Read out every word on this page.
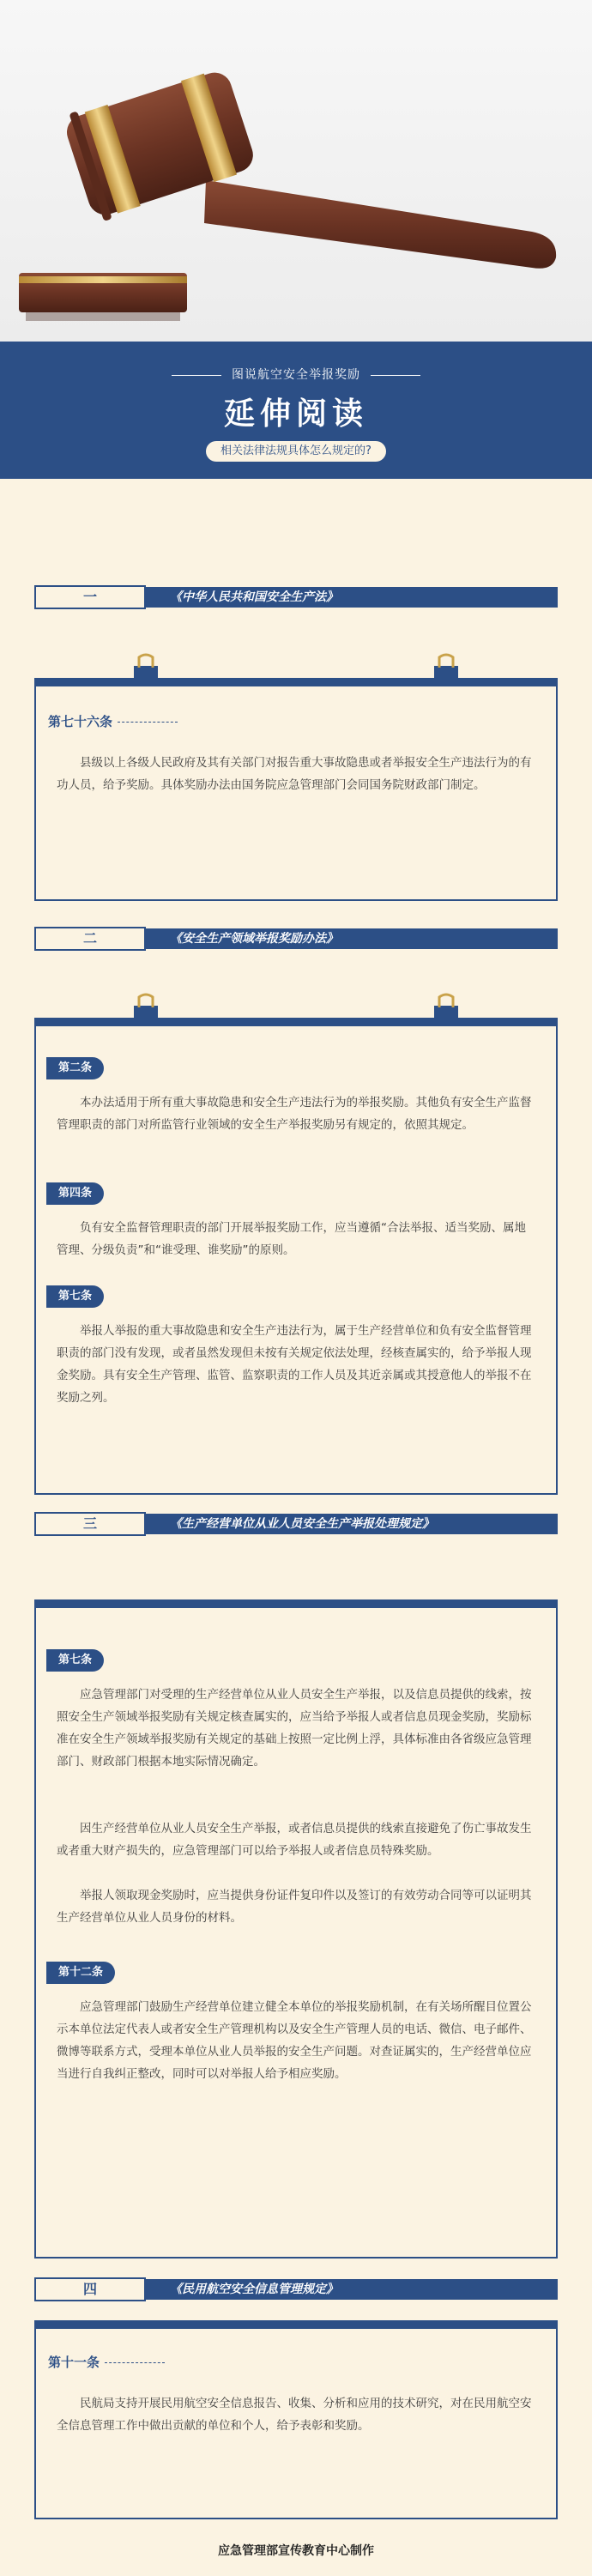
图说航空安全举报奖励
延伸阅读
相关法律法规具体怎么规定的?
一	《中华人民共和国安全生产法》
第七十六条

县级以上各级人民政府及其有关部门对报告重大事故隐患或者举报安全生产违法行为的有功人员，给予奖励。具体奖励办法由国务院应急管理部门会同国务院财政部门制定。

二	《安全生产领域举报奖励办法》
第二条

本办法适用于所有重大事故隐患和安全生产违法行为的举报奖励。其他负有安全生产监督管理职责的部门对所监管行业领域的安全生产举报奖励另有规定的，依照其规定。

第四条

负有安全监督管理职责的部门开展举报奖励工作，应当遵循“合法举报、适当奖励、属地管理、分级负责”和“谁受理、谁奖励”的原则。

第七条

举报人举报的重大事故隐患和安全生产违法行为，属于生产经营单位和负有安全监督管理职责的部门没有发现，或者虽然发现但未按有关规定依法处理，经核查属实的，给予举报人现金奖励。具有安全生产管理、监管、监察职责的工作人员及其近亲属或其授意他人的举报不在奖励之列。

三	《生产经营单位从业人员安全生产举报处理规定》
第七条

应急管理部门对受理的生产经营单位从业人员安全生产举报，以及信息员提供的线索，按照安全生产领域举报奖励有关规定核查属实的，应当给予举报人或者信息员现金奖励，奖励标准在安全生产领域举报奖励有关规定的基础上按照一定比例上浮，具体标准由各省级应急管理部门、财政部门根据本地实际情况确定。

因生产经营单位从业人员安全生产举报，或者信息员提供的线索直接避免了伤亡事故发生或者重大财产损失的，应急管理部门可以给予举报人或者信息员特殊奖励。

举报人领取现金奖励时，应当提供身份证件复印件以及签订的有效劳动合同等可以证明其生产经营单位从业人员身份的材料。

第十二条

应急管理部门鼓励生产经营单位建立健全本单位的举报奖励机制，在有关场所醒目位置公示本单位法定代表人或者安全生产管理机构以及安全生产管理人员的电话、微信、电子邮件、微博等联系方式，受理本单位从业人员举报的安全生产问题。对查证属实的，生产经营单位应当进行自我纠正整改，同时可以对举报人给予相应奖励。

四	《民用航空安全信息管理规定》
第十一条

民航局支持开展民用航空安全信息报告、收集、分析和应用的技术研究，对在民用航空安全信息管理工作中做出贡献的单位和个人，给予表彰和奖励。

应急管理部宣传教育中心制作
